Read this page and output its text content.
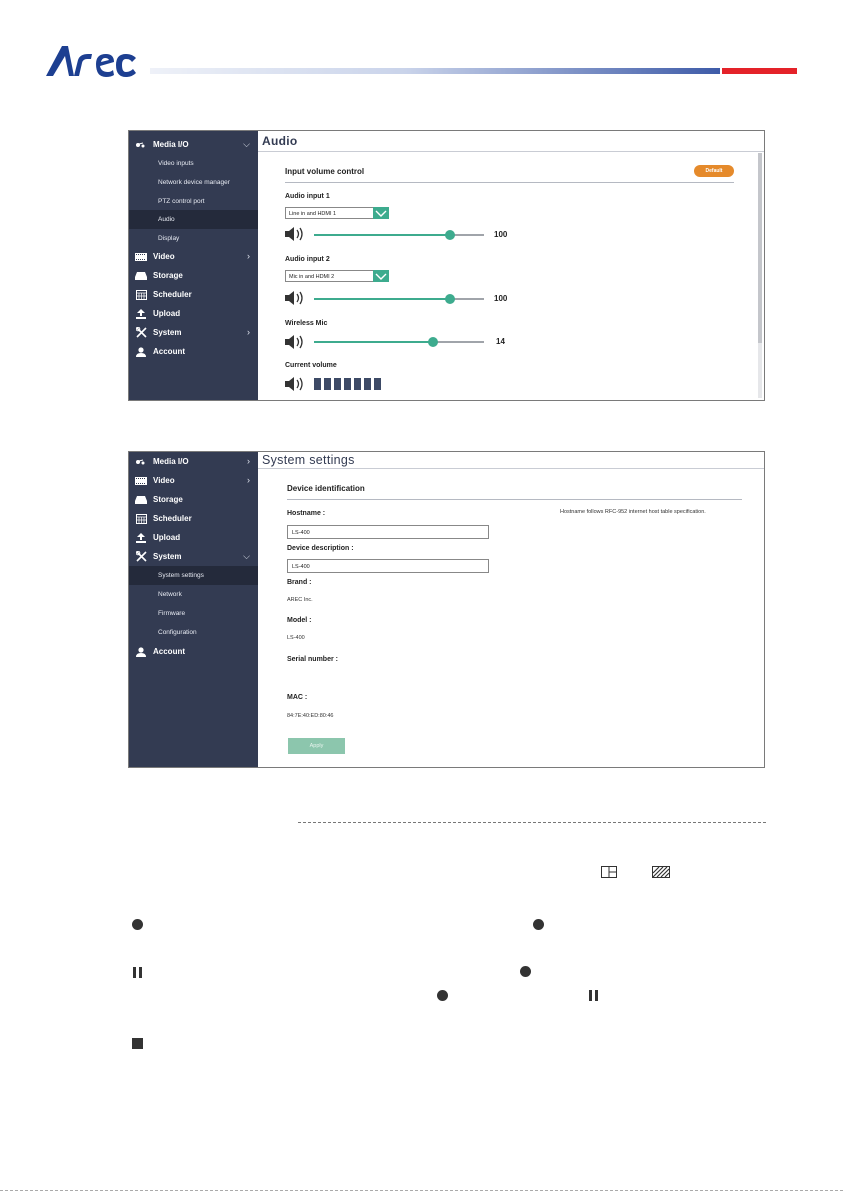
Media I/O	⌵
Video inputs
Network device manager
PTZ control port
Audio
Display
Video	›
Storage
Scheduler
Upload
System	›
Account
Audio
Input volume control	Default
Audio input 1
Line in and HDMI 1
100
Audio input 2
Mic in and HDMI 2
100
Wireless Mic
14
Current volume
Media I/O	›
Video	›
Storage
Scheduler
Upload
System	⌵
System settings
Network
Firmware
Configuration
Account
System settings
Device identification
Hostname :	Hostname follows RFC-952 internet host table specification.
LS-400
Device description :
LS-400
Brand :
AREC Inc.
Model :
LS-400
Serial number :
MAC :
84:7E:40:ED:80:46
Apply
